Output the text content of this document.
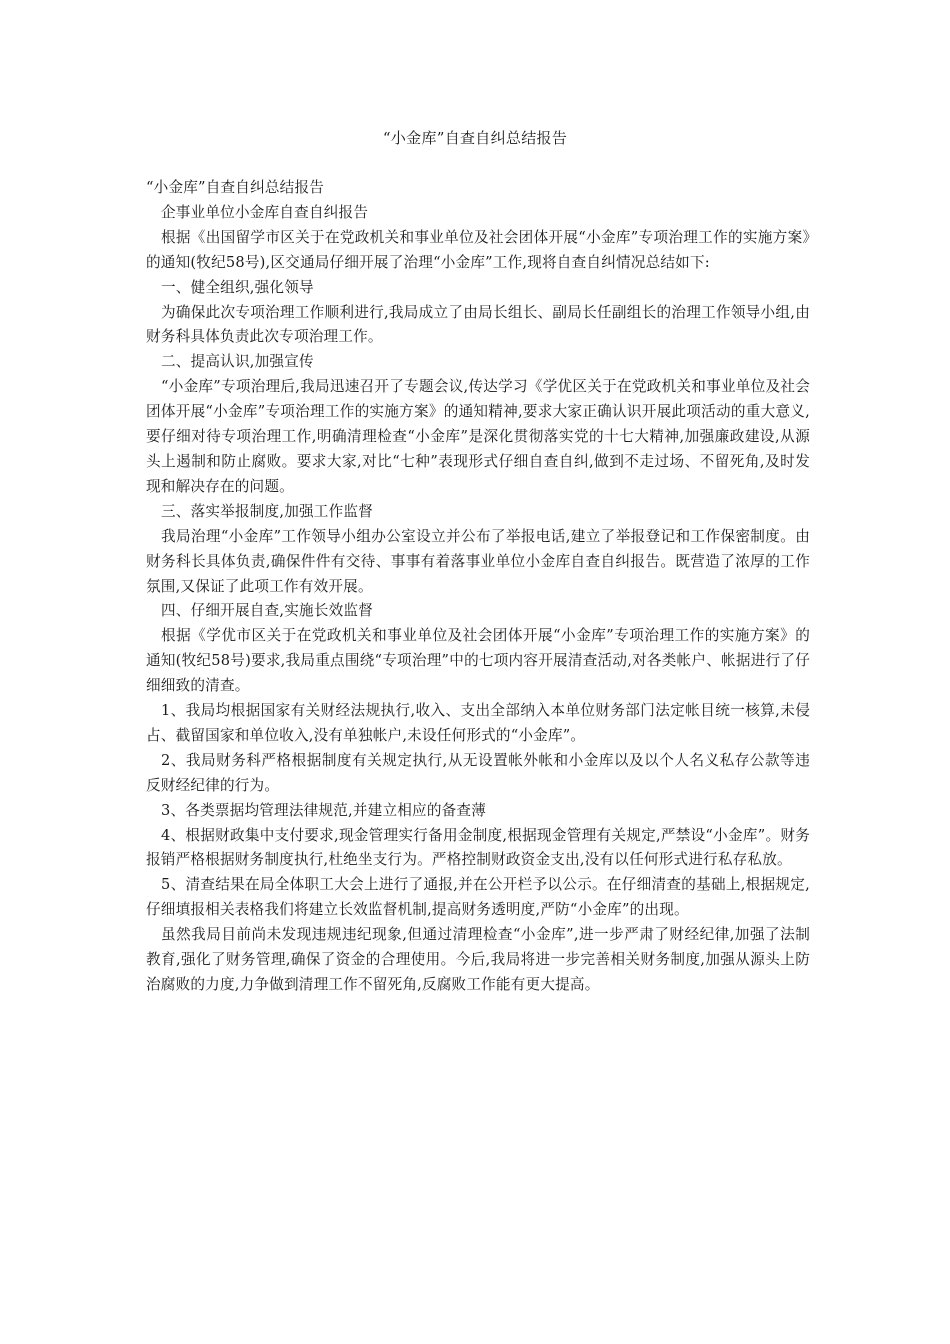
“小金库”自查自纠总结报告

“小金库”自查自纠总结报告

企事业单位小金库自查自纠报告

根据《出国留学市区关于在党政机关和事业单位及社会团体开展“小金库”专项治理工作的实施方案》的通知(牧纪58号),区交通局仔细开展了治理“小金库”工作,现将自查自纠情况总结如下:

一、健全组织,强化领导

为确保此次专项治理工作顺利进行,我局成立了由局长组长、副局长任副组长的治理工作领导小组,由财务科具体负责此次专项治理工作。

二、提高认识,加强宣传

“小金库”专项治理后,我局迅速召开了专题会议,传达学习《学优区关于在党政机关和事业单位及社会团体开展“小金库”专项治理工作的实施方案》的通知精神,要求大家正确认识开展此项活动的重大意义,要仔细对待专项治理工作,明确清理检查“小金库”是深化贯彻落实党的十七大精神,加强廉政建设,从源头上遏制和防止腐败。要求大家,对比“七种”表现形式仔细自查自纠,做到不走过场、不留死角,及时发现和解决存在的问题。

三、落实举报制度,加强工作监督

我局治理“小金库”工作领导小组办公室设立并公布了举报电话,建立了举报登记和工作保密制度。由财务科长具体负责,确保件件有交待、事事有着落事业单位小金库自查自纠报告。既营造了浓厚的工作氛围,又保证了此项工作有效开展。

四、仔细开展自查,实施长效监督

根据《学优市区关于在党政机关和事业单位及社会团体开展“小金库”专项治理工作的实施方案》的通知(牧纪58号)要求,我局重点围绕“专项治理”中的七项内容开展清查活动,对各类帐户、帐据进行了仔细细致的清查。

1、我局均根据国家有关财经法规执行,收入、支出全部纳入本单位财务部门法定帐目统一核算,未侵占、截留国家和单位收入,没有单独帐户,未设任何形式的“小金库”。

2、我局财务科严格根据制度有关规定执行,从无设置帐外帐和小金库以及以个人名义私存公款等违反财经纪律的行为。

3、各类票据均管理法律规范,并建立相应的备查薄

4、根据财政集中支付要求,现金管理实行备用金制度,根据现金管理有关规定,严禁设“小金库”。财务报销严格根据财务制度执行,杜绝坐支行为。严格控制财政资金支出,没有以任何形式进行私存私放。

5、清查结果在局全体职工大会上进行了通报,并在公开栏予以公示。在仔细清查的基础上,根据规定,仔细填报相关表格我们将建立长效监督机制,提高财务透明度,严防“小金库”的出现。

虽然我局目前尚未发现违规违纪现象,但通过清理检查“小金库”,进一步严肃了财经纪律,加强了法制教育,强化了财务管理,确保了资金的合理使用。今后,我局将进一步完善相关财务制度,加强从源头上防治腐败的力度,力争做到清理工作不留死角,反腐败工作能有更大提高。
